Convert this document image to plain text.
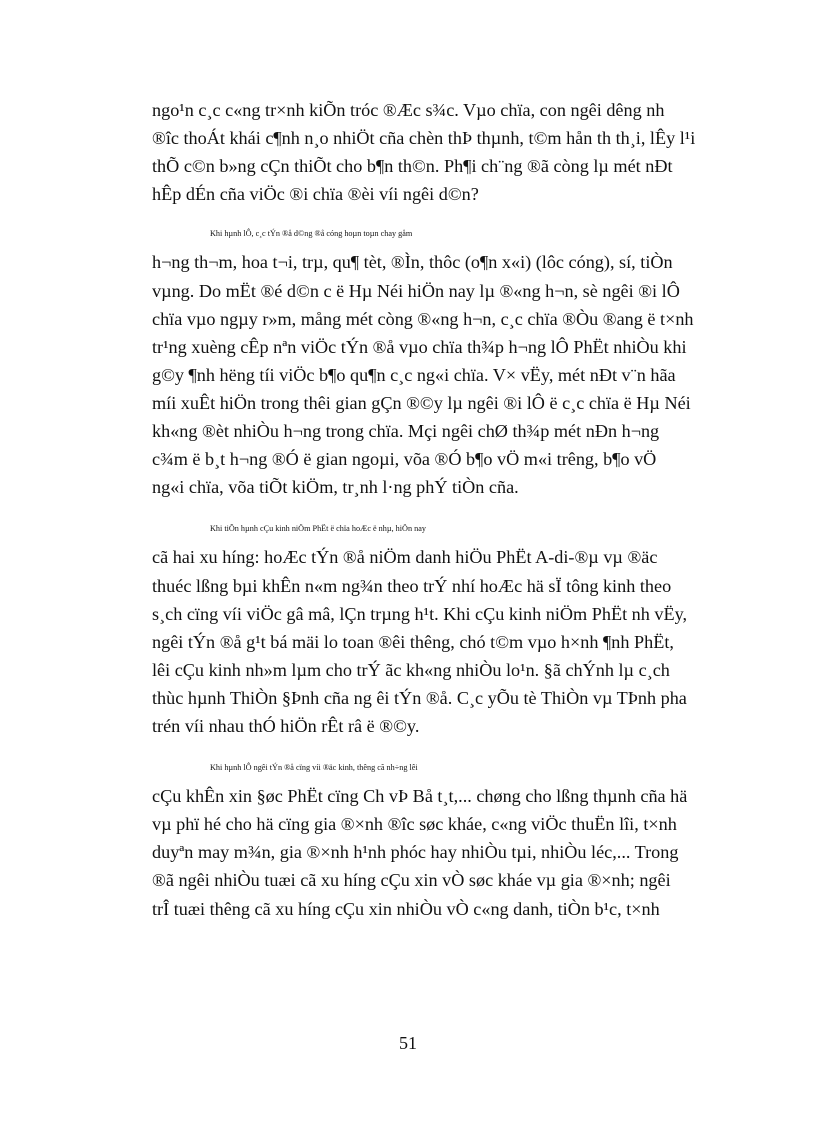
ngo¹n c¸c c«ng tr×nh kiÕn tróc ®Æc s¾c. Vµo chïa, con ngêi dêng nh
®îc thoÁt khái c¶nh n¸o nhiÖt cña chèn thÞ thµnh, t©m hån th th¸i, lÊy l¹i
thÕ c©n b»ng cÇn thiÕt cho b¶n th©n. Ph¶i ch¨ng ®ã còng lµ mét nÐt
hÊp dÉn cña viÖc ®i chïa ®èi víi ngêi d©n?

Khi hµnh lÔ, c¸c tÝn ®å d©ng ®å cóng hoµn toµn chay gåm
h¬ng th¬m, hoa t¬i, trµ, qu¶ tèt, ®Ìn, thôc (o¶n x«i) (lôc cóng), sí, tiÒn
vµng. Do mËt ®é d©n c ë Hµ Néi hiÖn nay lµ ®«ng h¬n, sè ngêi ®i lÔ
chïa vµo ngµy r»m, mång mét còng ®«ng h¬n, c¸c chïa ®Òu ®ang ë t×nh
tr¹ng xuèng cÊp nªn viÖc tÝn ®å vµo chïa th¾p h¬ng lÔ PhËt nhiÒu khi
g©y ¶nh hëng tíi viÖc b¶o qu¶n c¸c ng«i chïa. V× vËy, mét nÐt v¨n hãa
míi xuÊt hiÖn trong thêi gian gÇn ®©y lµ ngêi ®i lÔ ë c¸c chïa ë Hµ Néi
kh«ng ®èt nhiÒu h¬ng trong chïa. Mçi ngêi chØ th¾p mét nÐn h¬ng
c¾m ë b¸t h¬ng ®Ó ë gian ngoµi, võa ®Ó b¶o vÖ m«i trêng, b¶o vÖ
ng«i chïa, võa tiÕt kiÖm, tr¸nh l·ng phÝ tiÒn cña.

Khi tiÕn hµnh cÇu kinh niÖm PhËt ë chïa hoÆc ë nhµ, hiÖn nay
cã hai xu híng: hoÆc tÝn ®å niÖm danh hiÖu PhËt A-di-®µ vµ ®äc
thuéc lßng bµi khÊn n«m ng¾n theo trÝ nhí hoÆc hä sÏ tông kinh theo
s¸ch cïng víi viÖc gâ mâ, lÇn trµng h¹t. Khi cÇu kinh niÖm PhËt nh vËy,
ngêi tÝn ®å g¹t bá mäi lo toan ®êi thêng, chó t©m vµo h×nh ¶nh PhËt,
lêi cÇu kinh nh»m lµm cho trÝ ãc kh«ng nhiÒu lo¹n. §ã chÝnh lµ c¸ch
thùc hµnh ThiÒn §Þnh cña ng êi tÝn ®å. C¸c yÕu tè ThiÒn vµ TÞnh pha
trén víi nhau thÓ hiÖn rÊt râ ë ®©y.

Khi hµnh lÔ ngêi tÝn ®å cïng víi ®äc kinh, thêng cã nh÷ng lêi
cÇu khÊn xin §øc PhËt cïng Ch vÞ Bå t¸t,... chøng cho lßng thµnh cña hä
vµ phï hé cho hä cïng gia ®×nh ®îc søc kháe, c«ng viÖc thuËn lîi, t×nh
duyªn may m¾n, gia ®×nh h¹nh phóc hay nhiÒu tµi, nhiÒu léc,... Trong
®ã ngêi nhiÒu tuæi cã xu híng cÇu xin vÒ søc kháe vµ gia ®×nh; ngêi
trÎ tuæi thêng cã xu híng cÇu xin nhiÒu vÒ c«ng danh, tiÒn b¹c, t×nh

51
